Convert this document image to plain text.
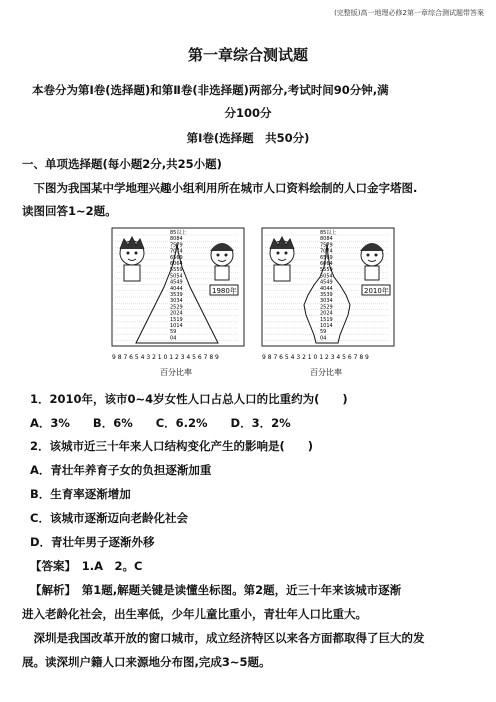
(完整版)高一地理必修2第一章综合测试题带答案
第一章综合测试题
本卷分为第Ⅰ卷(选择题)和第Ⅱ卷(非选择题)两部分,考试时间90分钟,满
分100分
第Ⅰ卷(选择题　共50分)
一、单项选择题(每小题2分,共25小题)
　下图为我国某中学地理兴趣小组利用所在城市人口资料绘制的人口金字塔图.
读图回答1~2题。
85以上
8084
7579
7074
6569
6064
5559
5054
4549
4044
3539
3034
2529
2024
1519
1014
59
04
1980年
9 8 7 6 5 4 3 2 1 0 1 2 3 4 5 6 7 8 9
85以上
8084
7579
7074
6569
6064
5559
5054
4549
4044
3539
3034
2529
2024
1519
1014
59
04
2010年
9 8 7 6 5 4 3 2 1 0 1 2 3 4 5 6 7 8 9
百分比率	百分比率
1．2010年，该市0~4岁女性人口占总人口的比重约为(　　)
A．3%　　B．6%　　C．6.2%　　D．3．2%
2．该城市近三十年来人口结构变化产生的影响是(　　)
A．青壮年养育子女的负担逐渐加重
B．生育率逐渐增加
C．该城市逐渐迈向老龄化社会
D．青壮年男子逐渐外移
【答案】　1.A　2。C
【解析】　第1题,解题关键是读懂坐标图。第2题，近三十年来该城市逐渐
进入老龄化社会，出生率低，少年儿童比重小，青壮年人口比重大。
　深圳是我国改革开放的窗口城市，成立经济特区以来各方面都取得了巨大的发
展。读深圳户籍人口来源地分布图,完成3~5题。
